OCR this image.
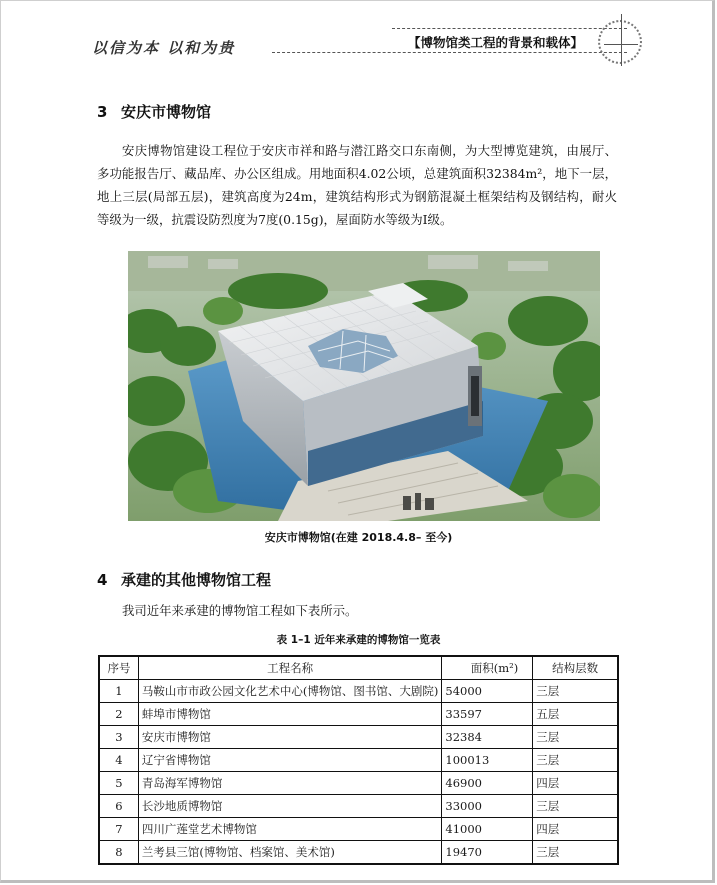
以信为本 以和为贵	【博物馆类工程的背景和载体】
3 安庆市博物馆
安庆博物馆建设工程位于安庆市祥和路与潜江路交口东南侧，为大型博览建筑，由展厅、多功能报告厅、藏品库、办公区组成。用地面积4.02公顷，总建筑面积32384m²，地下一层，地上三层(局部五层)，建筑高度为24m，建筑结构形式为钢筋混凝土框架结构及钢结构，耐火等级为一级，抗震设防烈度为7度(0.15g)，屋面防水等级为Ⅰ级。
安庆市博物馆(在建 2018.4.8– 至今)
4 承建的其他博物馆工程
我司近年来承建的博物馆工程如下表所示。
表 1–1 近年来承建的博物馆一览表
序号	工程名称	面积(m²)	结构层数
1	马鞍山市市政公园文化艺术中心(博物馆、图书馆、大剧院)	54000	三层
2	蚌埠市博物馆	33597	五层
3	安庆市博物馆	32384	三层
4	辽宁省博物馆	100013	三层
5	青岛海军博物馆	46900	四层
6	长沙地质博物馆	33000	三层
7	四川广莲堂艺术博物馆	41000	四层
8	兰考县三馆(博物馆、档案馆、美术馆)	19470	三层
